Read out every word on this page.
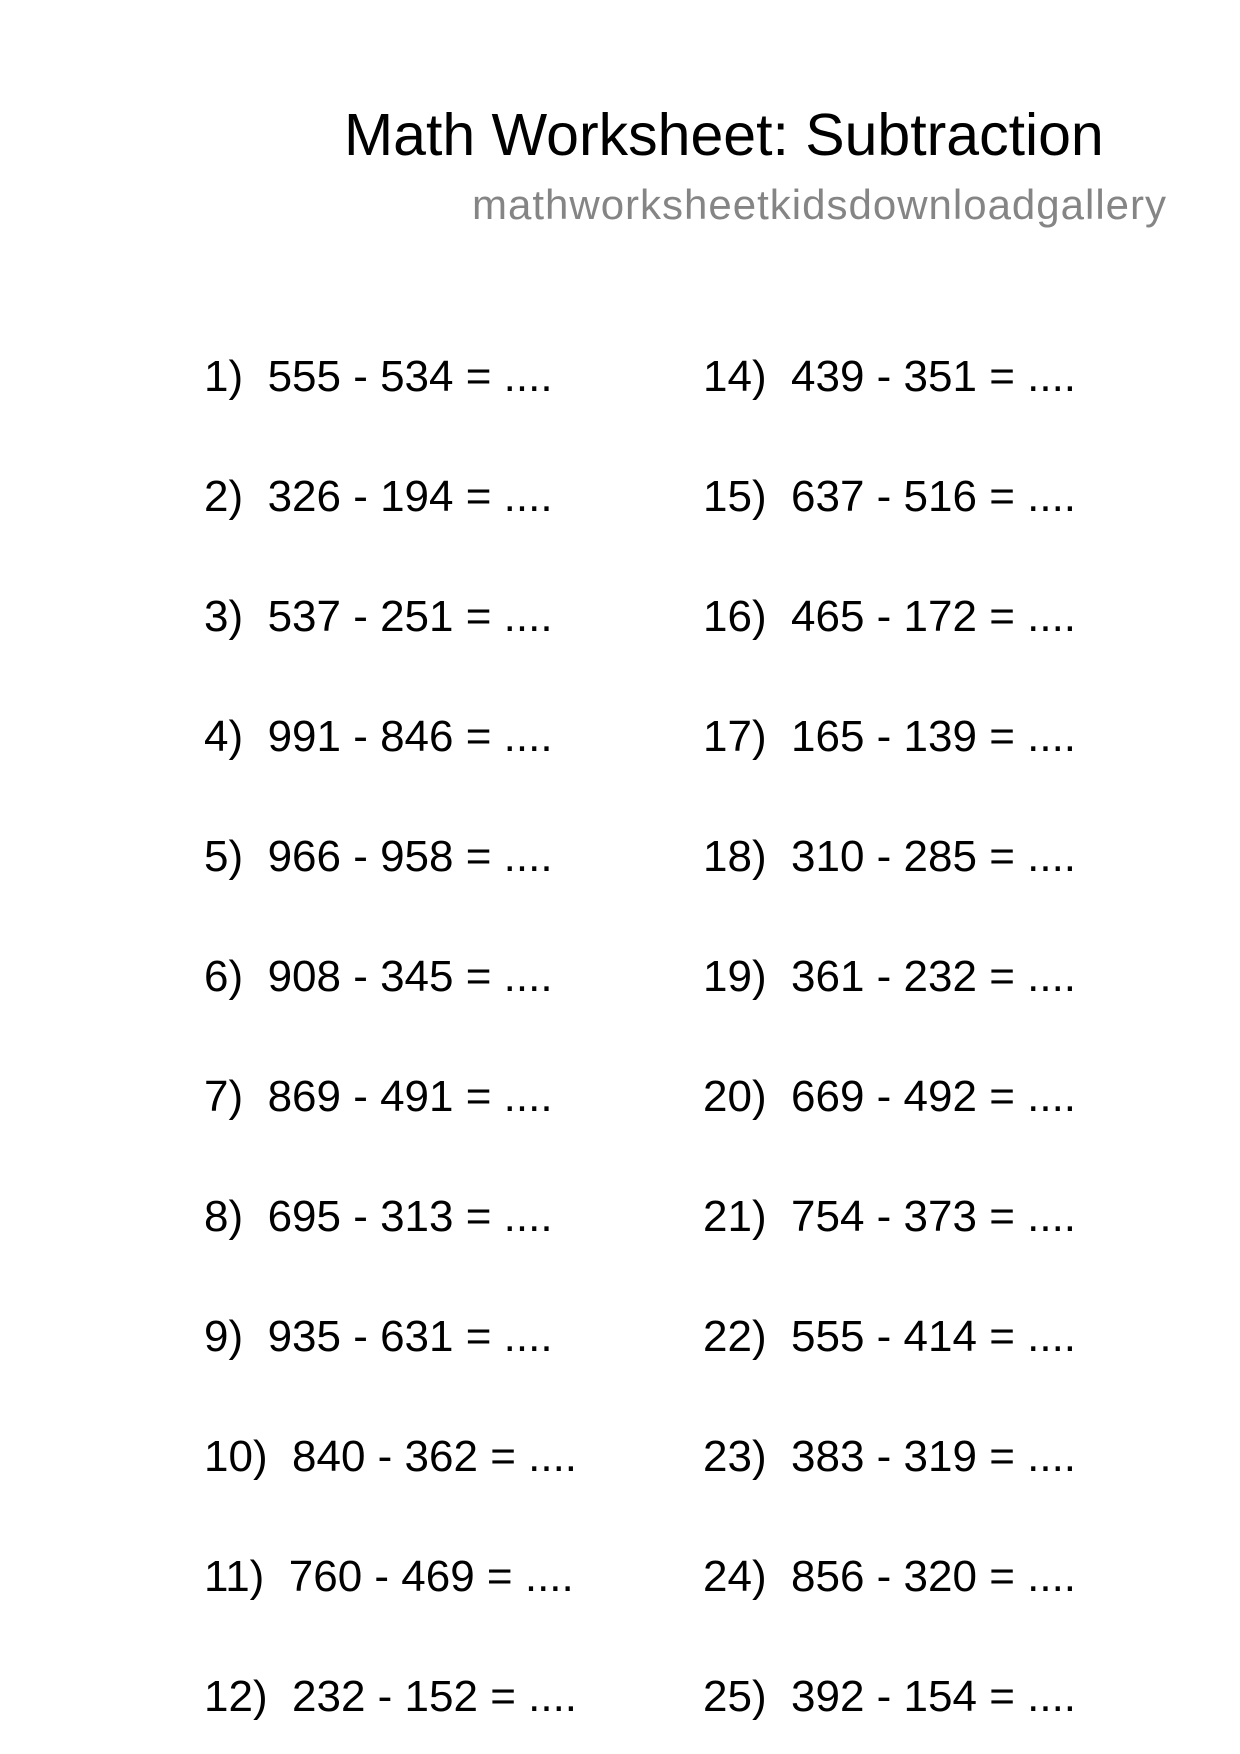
Math Worksheet: Subtraction
mathworksheetkidsdownloadgallery
1)  555 - 534 = ....
2)  326 - 194 = ....
3)  537 - 251 = ....
4)  991 - 846 = ....
5)  966 - 958 = ....
6)  908 - 345 = ....
7)  869 - 491 = ....
8)  695 - 313 = ....
9)  935 - 631 = ....
10)  840 - 362 = ....
11)  760 - 469 = ....
12)  232 - 152 = ....
14)  439 - 351 = ....
15)  637 - 516 = ....
16)  465 - 172 = ....
17)  165 - 139 = ....
18)  310 - 285 = ....
19)  361 - 232 = ....
20)  669 - 492 = ....
21)  754 - 373 = ....
22)  555 - 414 = ....
23)  383 - 319 = ....
24)  856 - 320 = ....
25)  392 - 154 = ....
